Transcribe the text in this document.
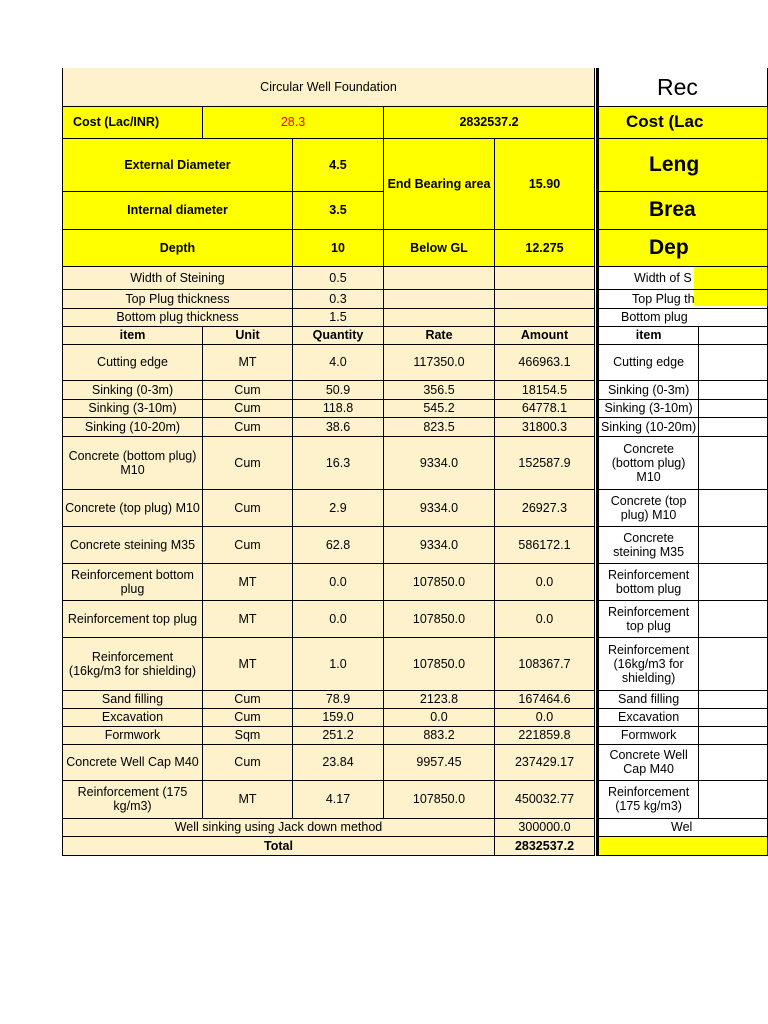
Circular Well Foundation				
Cost (Lac/INR)	28.3		2832537.2	
External Diameter		4.5	End Bearing area	15.90
Internal diameter		3.5		
Depth		10	Below GL	12.275
Width of Steining		0.5		
Top Plug thickness		0.3		
Bottom plug thickness		1.5		
item	Unit	Quantity	Rate	Amount
Cutting edge	MT	4.0	117350.0	466963.1
Sinking (0-3m)	Cum	50.9	356.5	18154.5
Sinking (3-10m)	Cum	118.8	545.2	64778.1
Sinking (10-20m)	Cum	38.6	823.5	31800.3
Concrete (bottom plug) M10	Cum	16.3	9334.0	152587.9
Concrete (top plug) M10	Cum	2.9	9334.0	26927.3
Concrete steining M35	Cum	62.8	9334.0	586172.1
Reinforcement bottom plug	MT	0.0	107850.0	0.0
Reinforcement top plug	MT	0.0	107850.0	0.0
Reinforcement (16kg/m3 for shielding)	MT	1.0	107850.0	108367.7
Sand filling	Cum	78.9	2123.8	167464.6
Excavation	Cum	159.0	0.0	0.0
Formwork	Sqm	251.2	883.2	221859.8
Concrete Well Cap M40	Cum	23.84	9957.45	237429.17
Reinforcement (175 kg/m3)	MT	4.17	107850.0	450032.77
Well sinking using Jack down method				300000.0
Total				2832537.2
Rec	
Cost (Lac	
Leng	
Brea	
Dep	
Width of S	
Top Plug th	
Bottom plug	
item	
Cutting edge	
Sinking (0-3m)	
Sinking (3-10m)	
Sinking (10-20m)	
Concrete (bottom plug) M10	
Concrete (top plug) M10	
Concrete steining M35	
Reinforcement bottom plug	
Reinforcement top plug	
Reinforcement (16kg/m3 for shielding)	
Sand filling	
Excavation	
Formwork	
Concrete Well Cap M40	
Reinforcement (175 kg/m3)	
Wel	
